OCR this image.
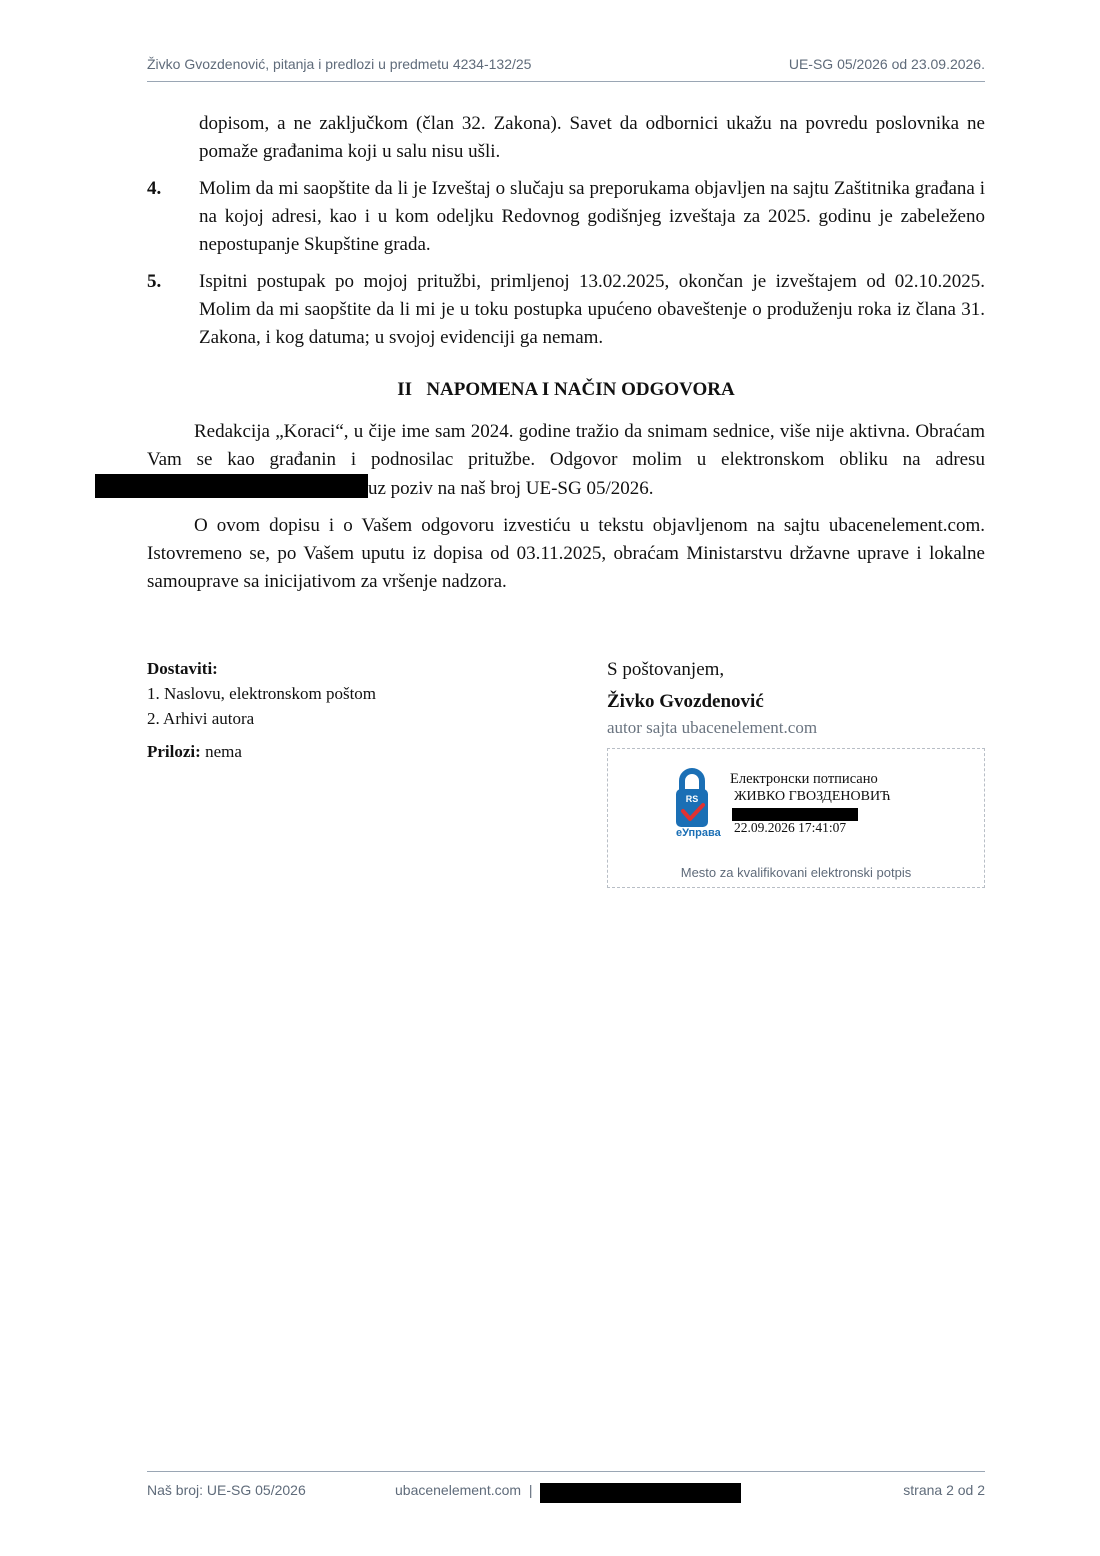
Živko Gvozdenović, pitanja i predlozi u predmetu 4234-132/25	UE-SG 05/2026 od 23.09.2026.

dopisom, a ne zaključkom (član 32. Zakona). Savet da odbornici ukažu na povredu poslovnika ne pomaže građanima koji u salu nisu ušli.

4. Molim da mi saopštite da li je Izveštaj o slučaju sa preporukama objavljen na sajtu Zaštitnika građana i na kojoj adresi, kao i u kom odeljku Redovnog godišnjeg izveštaja za 2025. godinu je zabeleženo nepostupanje Skupštine grada.

5. Ispitni postupak po mojoj pritužbi, primljenoj 13.02.2025, okončan je izveštajem od 02.10.2025. Molim da mi saopštite da li mi je u toku postupka upućeno obaveštenje o produženju roka iz člana 31. Zakona, i kog datuma; u svojoj evidenciji ga nemam.

II   NAPOMENA I NAČIN ODGOVORA

Redakcija „Koraci“, u čije ime sam 2024. godine tražio da snimam sednice, više nije aktivna. Obraćam Vam se kao građanin i podnosilac pritužbe. Odgovor molim u elektronskom obliku na adresu uz poziv na naš broj UE-SG 05/2026.

O ovom dopisu i o Vašem odgovoru izvestiću u tekstu objavljenom na sajtu ubacenelement.com. Istovremeno se, po Vašem uputu iz dopisa od 03.11.2025, obraćam Ministarstvu državne uprave i lokalne samouprave sa inicijativom za vršenje nadzora.

Dostaviti:
1. Naslovu, elektronskom poštom
2. Arhivi autora
Prilozi: nema
S poštovanjem,
Živko Gvozdenović
autor sajta ubacenelement.com
RS
еУправа
Електронски потписано
ЖИВКО ГВОЗДЕНОВИЋ
22.09.2026 17:41:07
Mesto za kvalifikovani elektronski potpis
Naš broj: UE-SG 05/2026	ubacenelement.com  |	strana 2 od 2
